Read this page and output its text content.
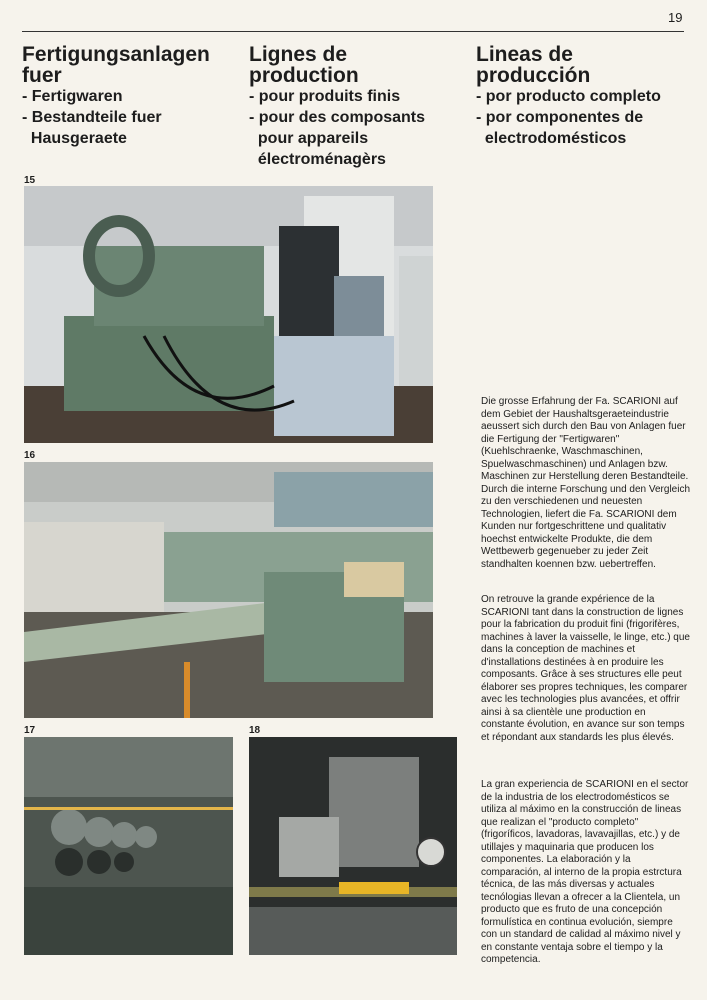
19
Fertigungsanlagen
fuer

- Fertigwaren

- Bestandteile fuer

Hausgeraete

Lignes de
production

- pour produits finis

- pour des composants

pour appareils

électroménagèrs

Lineas de
producción

- por producto completo

- por componentes de

electrodomésticos

15
16
17	18

Die grosse Erfahrung der Fa. SCARIONI auf dem Gebiet der Haushaltsgeraeteindustrie aeussert sich durch den Bau von Anlagen fuer die Fertigung der "Fertigwaren" (Kuehlschraenke, Waschmaschinen, Spuelwaschmaschinen) und Anlagen bzw. Maschinen zur Herstellung deren Bestandteile. Durch die interne Forschung und den Vergleich zu den verschiedenen und neuesten Technologien, liefert die Fa. SCARIONI dem Kunden nur fortgeschrittene und qualitativ hoechst entwickelte Produkte, die dem Wettbewerb gegenueber zu jeder Zeit standhalten koennen bzw. uebertreffen.

On retrouve la grande expérience de la SCARIONI tant dans la construction de lignes pour la fabrication du produit fini (frigorifères, machines à laver la vaisselle, le linge, etc.) que dans la conception de machines et d'installations destinées à en produire les composants. Grâce à ses structures elle peut élaborer ses propres techniques, les comparer avec les technologies plus avancées, et offrir ainsi à sa clientèle une production en constante évolution, en avance sur son temps et répondant aux standards les plus élevés.

La gran experiencia de SCARIONI en el sector de la industria de los electrodomésticos se utiliza al máximo en la construcción de lineas que realizan el "producto completo" (frigoríficos, lavadoras, lavavajillas, etc.) y de utillajes y maquinaria que producen los componentes. La elaboración y la comparación, al interno de la propia estrctura técnica, de las más diversas y actuales tecnólogias llevan a ofrecer a la Clientela, un producto que es fruto de una concepción formulística en continua evolución, siempre con un standard de calidad al máximo nivel y en constante ventaja sobre el tiempo y la competencia.
